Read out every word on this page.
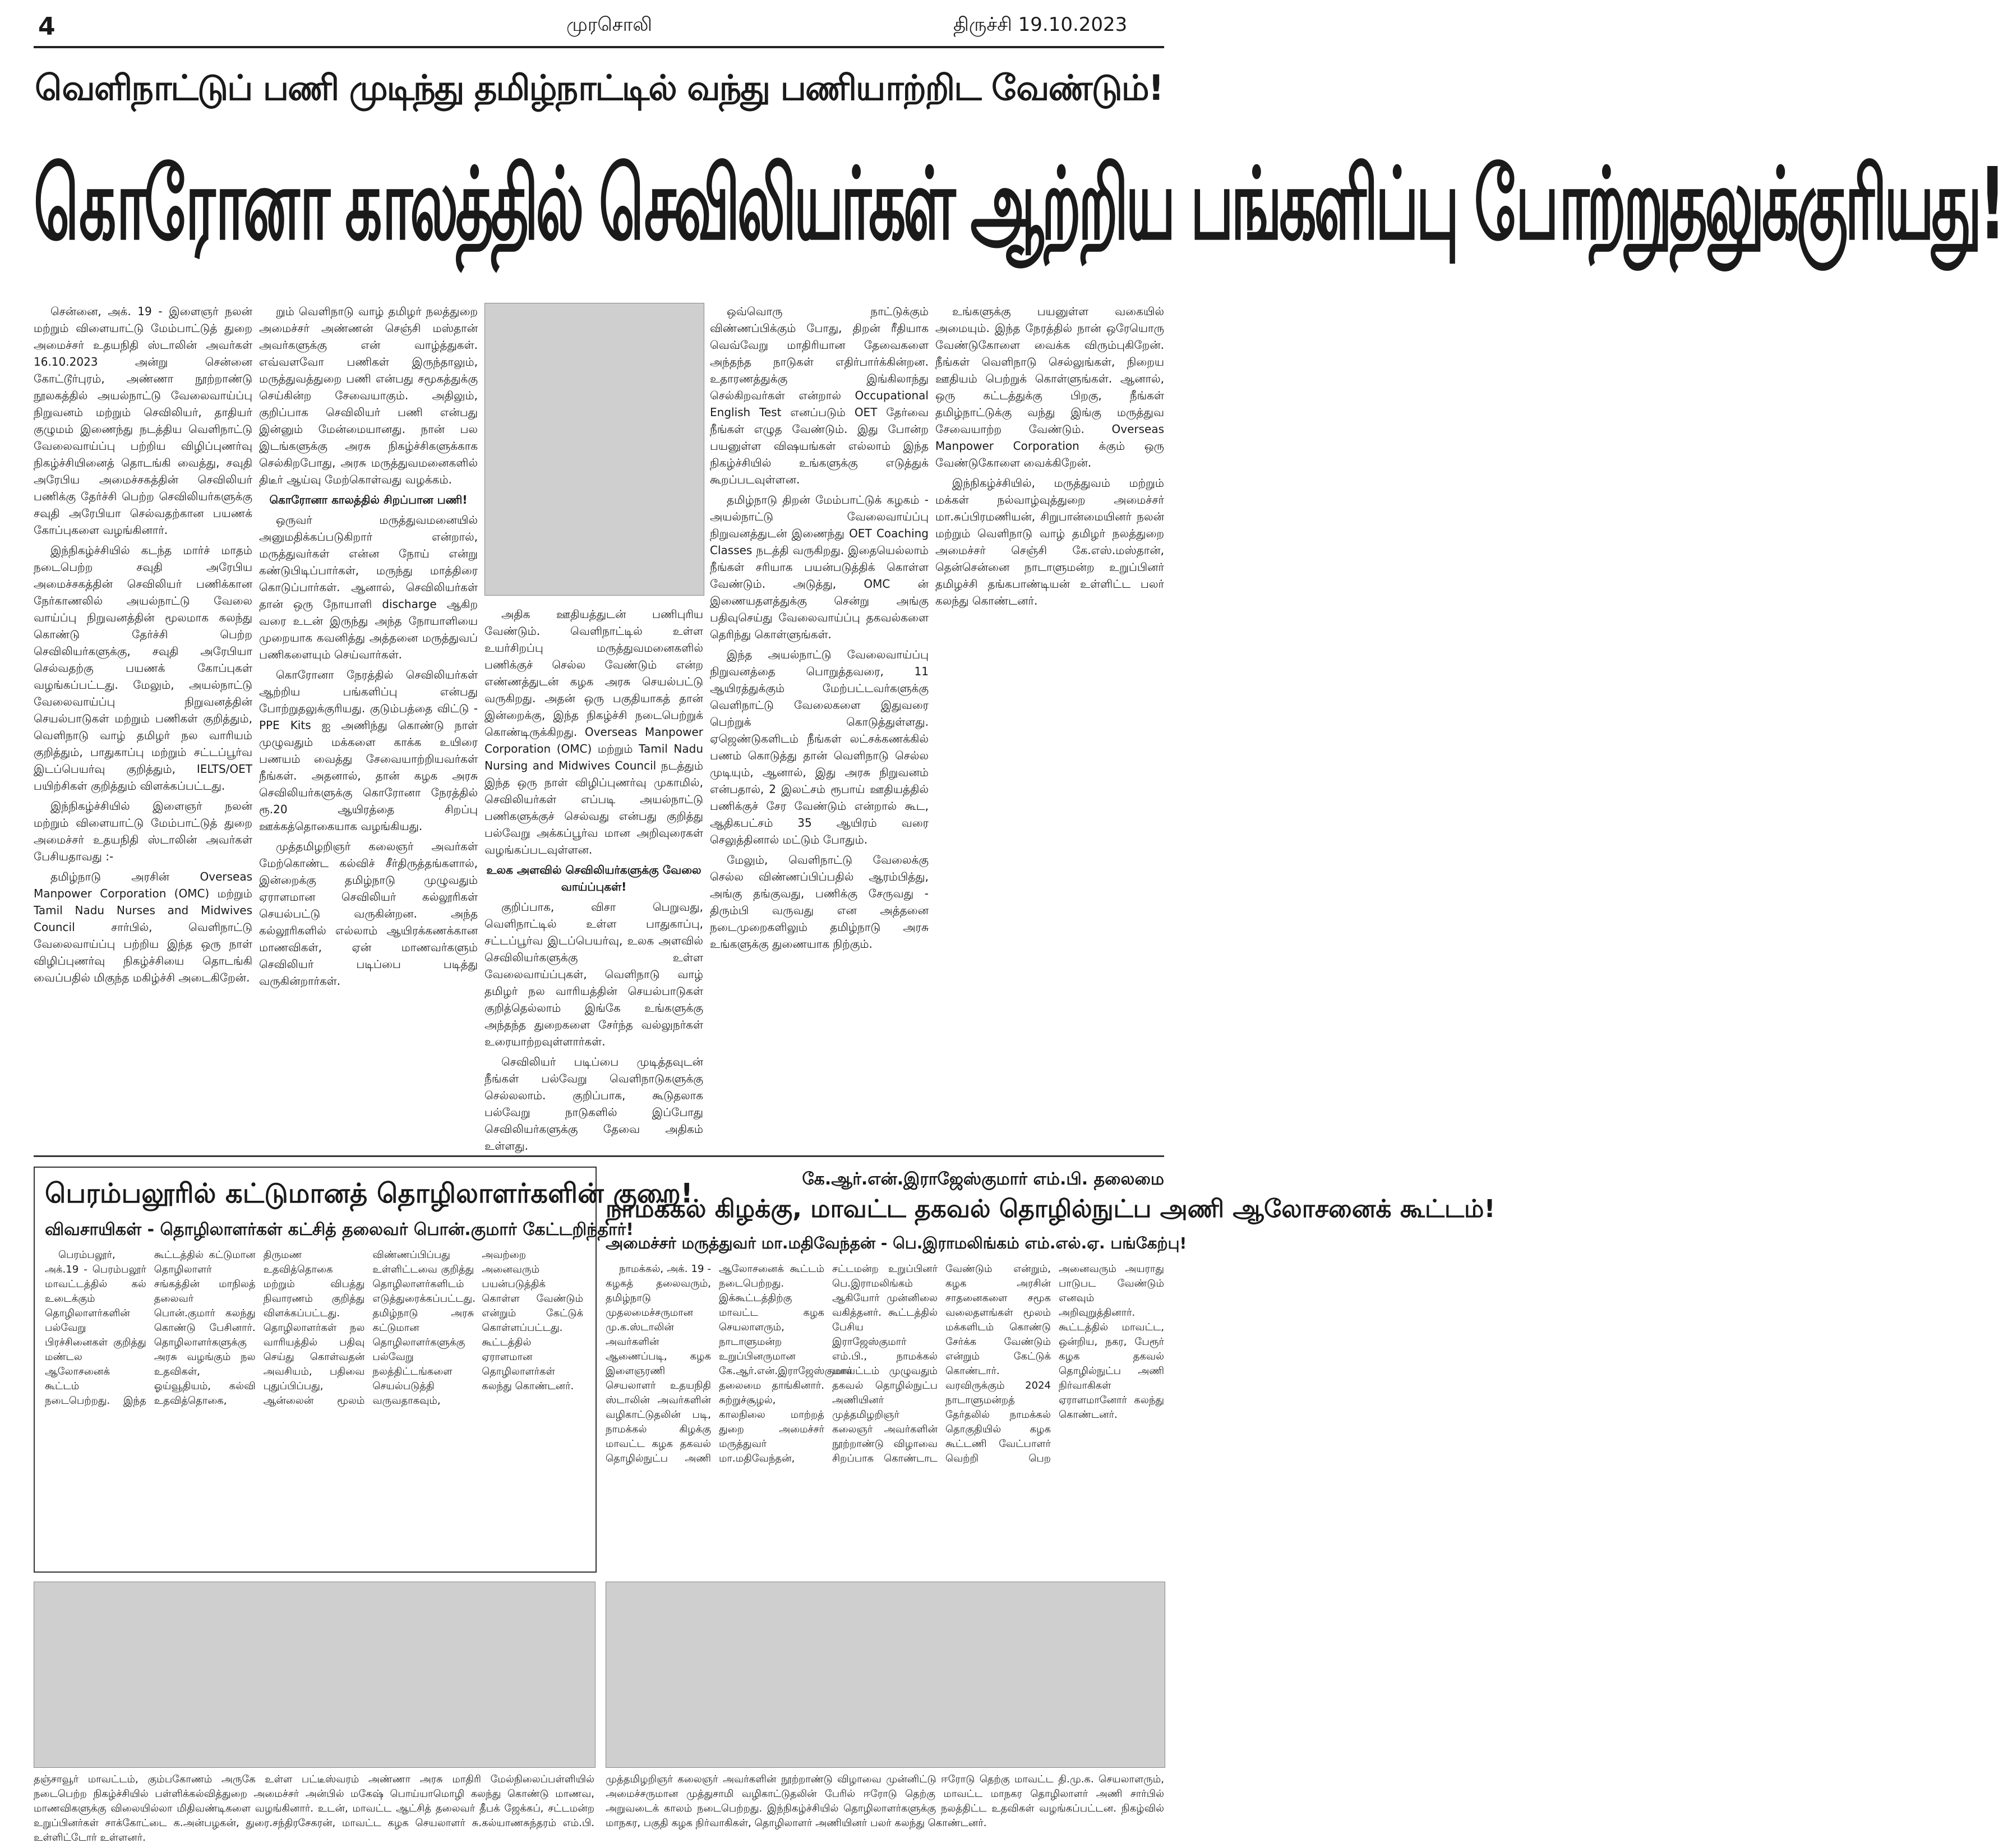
4	முரசொலி	திருச்சி 19.10.2023
வெளிநாட்டுப் பணி முடிந்து தமிழ்நாட்டில் வந்து பணியாற்றிட வேண்டும்!
கொரோனா காலத்தில் செவிலியர்கள் ஆற்றிய பங்களிப்பு போற்றுதலுக்குரியது!

சென்னை, அக். 19 - இளைஞர் நலன் மற்றும் விளையாட்டு மேம்பாட்டுத் துறை அமைச்சர் உதயநிதி ஸ்டாலின் அவர்கள் 16.10.2023 அன்று சென்னை கோட்டூர்புரம், அண்ணா நூற்றாண்டு நூலகத்தில் அயல்நாட்டு வேலைவாய்ப்பு நிறுவனம் மற்றும் செவிலியர், தாதியர் குழுமம் இணைந்து நடத்திய வெளிநாட்டு வேலைவாய்ப்பு பற்றிய விழிப்புணர்வு நிகழ்ச்சியினைத் தொடங்கி வைத்து, சவுதி அரேபிய அமைச்சகத்தின் செவிலியர் பணிக்கு தேர்ச்சி பெற்ற செவிலியர்களுக்கு சவுதி அரேபியா செல்வதற்கான பயணக் கோப்புகளை வழங்கினார்.

இந்நிகழ்ச்சியில் கடந்த மார்ச் மாதம் நடைபெற்ற சவுதி அரேபிய அமைச்சகத்தின் செவிலியர் பணிக்கான நேர்காணலில் அயல்நாட்டு வேலை வாய்ப்பு நிறுவனத்தின் மூலமாக கலந்து கொண்டு தேர்ச்சி பெற்ற செவிலியர்களுக்கு, சவுதி அரேபியா செல்வதற்கு பயணக் கோப்புகள் வழங்கப்பட்டது. மேலும், அயல்நாட்டு வேலைவாய்ப்பு நிறுவனத்தின் செயல்பாடுகள் மற்றும் பணிகள் குறித்தும், வெளிநாடு வாழ் தமிழர் நல வாரியம் குறித்தும், பாதுகாப்பு மற்றும் சட்டப்பூர்வ இடப்பெயர்வு குறித்தும், IELTS/OET பயிற்சிகள் குறித்தும் விளக்கப்பட்டது.

இந்நிகழ்ச்சியில் இளைஞர் நலன் மற்றும் விளையாட்டு மேம்பாட்டுத் துறை அமைச்சர் உதயநிதி ஸ்டாலின் அவர்கள் பேசியதாவது :-

தமிழ்நாடு அரசின் Overseas Manpower Corporation (OMC) மற்றும் Tamil Nadu Nurses and Midwives Council சார்பில், வெளிநாட்டு வேலைவாய்ப்பு பற்றிய இந்த ஒரு நாள் விழிப்புணர்வு நிகழ்ச்சியை தொடங்கி வைப்பதில் மிகுந்த மகிழ்ச்சி அடைகிறேன்.

றும் வெளிநாடு வாழ் தமிழர் நலத்துறை அமைச்சர் அண்ணன் செஞ்சி மஸ்தான் அவர்களுக்கு என் வாழ்த்துகள். எவ்வளவோ பணிகள் இருந்தாலும், மருத்துவத்துறை பணி என்பது சமூகத்துக்கு செய்கின்ற சேவையாகும். அதிலும், குறிப்பாக செவிலியர் பணி என்பது இன்னும் மேன்மையானது. நான் பல இடங்களுக்கு அரசு நிகழ்ச்சிகளுக்காக செல்கிறபோது, அரசு மருத்துவமனைகளில் திடீர் ஆய்வு மேற்கொள்வது வழக்கம்.

கொரோனா காலத்தில் சிறப்பான பணி!

ஒருவர் மருத்துவமனையில் அனுமதிக்கப்படுகிறார் என்றால், மருத்துவர்கள் என்ன நோய் என்று கண்டுபிடிப்பார்கள், மருந்து மாத்திரை கொடுப்பார்கள். ஆனால், செவிலியர்கள் தான் ஒரு நோயாளி discharge ஆகிற வரை உடன் இருந்து அந்த நோயாளியை முறையாக கவனித்து அத்தனை மருத்துவப் பணிகளையும் செய்வார்கள்.

கொரோனா நேரத்தில் செவிலியர்கள் ஆற்றிய பங்களிப்பு என்பது போற்றுதலுக்குரியது. குடும்பத்தை விட்டு - PPE Kits ஐ அணிந்து கொண்டு நாள் முழுவதும் மக்களை காக்க உயிரை பணயம் வைத்து சேவையாற்றியவர்கள் நீங்கள். அதனால், தான் கழக அரசு செவிலியர்களுக்கு கொரோனா நேரத்தில் ரூ.20 ஆயிரத்தை சிறப்பு ஊக்கத்தொகையாக வழங்கியது.

முத்தமிழறிஞர் கலைஞர் அவர்கள் மேற்கொண்ட கல்விச் சீர்திருத்தங்களால், இன்றைக்கு தமிழ்நாடு முழுவதும் ஏராளமான செவிலியர் கல்லூரிகள் செயல்பட்டு வருகின்றன. அந்த கல்லூரிகளில் எல்லாம் ஆயிரக்கணக்கான மாணவிகள், ஏன் மாணவர்களும் செவிலியர் படிப்பை படித்து வருகின்றார்கள்.

அதிக ஊதியத்துடன் பணிபுரிய வேண்டும். வெளிநாட்டில் உள்ள உயர்சிறப்பு மருத்துவமனைகளில் பணிக்குச் செல்ல வேண்டும் என்ற எண்ணத்துடன் கழக அரசு செயல்பட்டு வருகிறது. அதன் ஒரு பகுதியாகத் தான் இன்றைக்கு, இந்த நிகழ்ச்சி நடைபெற்றுக் கொண்டிருக்கிறது. Overseas Manpower Corporation (OMC) மற்றும் Tamil Nadu Nursing and Midwives Council நடத்தும் இந்த ஒரு நாள் விழிப்புணர்வு முகாமில், செவிலியர்கள் எப்படி அயல்நாட்டு பணிகளுக்குச் செல்வது என்பது குறித்து பல்வேறு அக்கப்பூர்வ மான அறிவுரைகள் வழங்கப்படவுள்ளன.

உலக அளவில் செவிலியர்களுக்கு வேலை வாய்ப்புகள்!

குறிப்பாக, விசா பெறுவது, வெளிநாட்டில் உள்ள பாதுகாப்பு, சட்டப்பூர்வ இடப்பெயர்வு, உலக அளவில் செவிலியர்களுக்கு உள்ள வேலைவாய்ப்புகள், வெளிநாடு வாழ் தமிழர் நல வாரியத்தின் செயல்பாடுகள் குறித்தெல்லாம் இங்கே உங்களுக்கு அந்தந்த துறைகளை சேர்ந்த வல்லுநர்கள் உரையாற்றவுள்ளார்கள்.

செவிலியர் படிப்பை முடித்தவுடன் நீங்கள் பல்வேறு வெளிநாடுகளுக்கு செல்லலாம். குறிப்பாக, கூடுதலாக பல்வேறு நாடுகளில் இப்போது செவிலியர்களுக்கு தேவை அதிகம் உள்ளது.

ஒவ்வொரு நாட்டுக்கும் விண்ணப்பிக்கும் போது, திறன் ரீதியாக வெவ்வேறு மாதிரியான தேவைகளை அந்தந்த நாடுகள் எதிர்பார்க்கின்றன. உதாரணத்துக்கு இங்கிலாந்து செல்கிறவர்கள் என்றால் Occupational English Test எனப்படும் OET தேர்வை நீங்கள் எழுத வேண்டும். இது போன்ற பயனுள்ள விஷயங்கள் எல்லாம் இந்த நிகழ்ச்சியில் உங்களுக்கு எடுத்துக் கூறப்படவுள்ளன.

தமிழ்நாடு திறன் மேம்பாட்டுக் கழகம் - அயல்நாட்டு வேலைவாய்ப்பு நிறுவனத்துடன் இணைந்து OET Coaching Classes நடத்தி வருகிறது. இதையெல்லாம் நீங்கள் சரியாக பயன்படுத்திக் கொள்ள வேண்டும். அடுத்து, OMC ன் இணையதளத்துக்கு சென்று அங்கு பதிவுசெய்து வேலைவாய்ப்பு தகவல்களை தெரிந்து கொள்ளுங்கள்.

இந்த அயல்நாட்டு வேலைவாய்ப்பு நிறுவனத்தை பொறுத்தவரை, 11 ஆயிரத்துக்கும் மேற்பட்டவர்களுக்கு வெளிநாட்டு வேலைகளை இதுவரை பெற்றுக் கொடுத்துள்ளது. ஏஜெண்டுகளிடம் நீங்கள் லட்சக்கணக்கில் பணம் கொடுத்து தான் வெளிநாடு செல்ல முடியும், ஆனால், இது அரசு நிறுவனம் என்பதால், 2 இலட்சம் ரூபாய் ஊதியத்தில் பணிக்குச் சேர வேண்டும் என்றால் கூட, ஆதிகபட்சம் 35 ஆயிரம் வரை செலுத்தினால் மட்டும் போதும்.

மேலும், வெளிநாட்டு வேலைக்கு செல்ல விண்ணப்பிப்பதில் ஆரம்பித்து, அங்கு தங்குவது, பணிக்கு சேருவது - திரும்பி வருவது என அத்தனை நடைமுறைகளிலும் தமிழ்நாடு அரசு உங்களுக்கு துணையாக நிற்கும்.

உங்களுக்கு பயனுள்ள வகையில் அமையும். இந்த நேரத்தில் நான் ஒரேயொரு வேண்டுகோளை வைக்க விரும்புகிறேன். நீங்கள் வெளிநாடு செல்லுங்கள், நிறைய ஊதியம் பெற்றுக் கொள்ளுங்கள். ஆனால், ஒரு கட்டத்துக்கு பிறகு, நீங்கள் தமிழ்நாட்டுக்கு வந்து இங்கு மருத்துவ சேவையாற்ற வேண்டும். Overseas Manpower Corporation க்கும் ஒரு வேண்டுகோளை வைக்கிறேன்.

இந்நிகழ்ச்சியில், மருத்துவம் மற்றும் மக்கள் நல்வாழ்வுத்துறை அமைச்சர் மா.சுப்பிரமணியன், சிறுபான்மையினர் நலன் மற்றும் வெளிநாடு வாழ் தமிழர் நலத்துறை அமைச்சர் செஞ்சி கே.எஸ்.மஸ்தான், தென்சென்னை நாடாளுமன்ற உறுப்பினர் தமிழச்சி தங்கபாண்டியன் உள்ளிட்ட பலர் கலந்து கொண்டனர்.

பெரம்பலூரில் கட்டுமானத் தொழிலாளர்களின் குறை!
விவசாயிகள் - தொழிலாளர்கள் கட்சித் தலைவர் பொன்.குமார் கேட்டறிந்தார்!

பெரம்பலூர், அக்.19 - பெரம்பலூர் மாவட்டத்தில் கல் உடைக்கும் தொழிலாளர்களின் பல்வேறு பிரச்சினைகள் குறித்து மண்டல ஆலோசனைக் கூட்டம் நடைபெற்றது. இந்த கூட்டத்தில் கட்டுமான தொழிலாளர் சங்கத்தின் மாநிலத் தலைவர் பொன்.குமார் கலந்து கொண்டு பேசினார். தொழிலாளர்களுக்கு அரசு வழங்கும் நல உதவிகள், ஓய்வூதியம், கல்வி உதவித்தொகை, திருமண உதவித்தொகை மற்றும் விபத்து நிவாரணம் குறித்து விளக்கப்பட்டது. தொழிலாளர்கள் நல வாரியத்தில் பதிவு செய்து கொள்வதன் அவசியம், பதிவை புதுப்பிப்பது, ஆன்லைன் மூலம் விண்ணப்பிப்பது உள்ளிட்டவை குறித்து தொழிலாளர்களிடம் எடுத்துரைக்கப்பட்டது. தமிழ்நாடு அரசு கட்டுமான தொழிலாளர்களுக்கு பல்வேறு நலத்திட்டங்களை செயல்படுத்தி வருவதாகவும், அவற்றை அனைவரும் பயன்படுத்திக் கொள்ள வேண்டும் என்றும் கேட்டுக் கொள்ளப்பட்டது. கூட்டத்தில் ஏராளமான தொழிலாளர்கள் கலந்து கொண்டனர்.

கே.ஆர்.என்.இராஜேஸ்குமார் எம்.பி. தலைமை
நாமக்கல் கிழக்கு, மாவட்ட தகவல் தொழில்நுட்ப அணி ஆலோசனைக் கூட்டம்!
அமைச்சர் மருத்துவர் மா.மதிவேந்தன் - பெ.இராமலிங்கம் எம்.எல்.ஏ. பங்கேற்பு!

நாமக்கல், அக். 19 - கழகத் தலைவரும், தமிழ்நாடு முதலமைச்சருமான மு.க.ஸ்டாலின் அவர்களின் ஆணைப்படி, கழக இளைஞரணி செயலாளர் உதயநிதி ஸ்டாலின் அவர்களின் வழிகாட்டுதலின் படி, நாமக்கல் கிழக்கு மாவட்ட கழக தகவல் தொழில்நுட்ப அணி ஆலோசனைக் கூட்டம் நடைபெற்றது. இக்கூட்டத்திற்கு மாவட்ட கழக செயலாளரும், நாடாளுமன்ற உறுப்பினருமான கே.ஆர்.என்.இராஜேஸ்குமார் தலைமை தாங்கினார். சுற்றுச்சூழல், காலநிலை மாற்றத் துறை அமைச்சர் மருத்துவர் மா.மதிவேந்தன், சட்டமன்ற உறுப்பினர் பெ.இராமலிங்கம் ஆகியோர் முன்னிலை வகித்தனர். கூட்டத்தில் பேசிய இராஜேஸ்குமார் எம்.பி., நாமக்கல் மாவட்டம் முழுவதும் தகவல் தொழில்நுட்ப அணியினர் முத்தமிழறிஞர் கலைஞர் அவர்களின் நூற்றாண்டு விழாவை சிறப்பாக கொண்டாட வேண்டும் என்றும், கழக அரசின் சாதனைகளை சமூக வலைதளங்கள் மூலம் மக்களிடம் கொண்டு சேர்க்க வேண்டும் என்றும் கேட்டுக் கொண்டார். வரவிருக்கும் 2024 நாடாளுமன்றத் தேர்தலில் நாமக்கல் தொகுதியில் கழக கூட்டணி வேட்பாளர் வெற்றி பெற அனைவரும் அயராது பாடுபட வேண்டும் எனவும் அறிவுறுத்தினார். கூட்டத்தில் மாவட்ட, ஒன்றிய, நகர, பேரூர் கழக தகவல் தொழில்நுட்ப அணி நிர்வாகிகள் ஏராளமானோர் கலந்து கொண்டனர்.

தஞ்சாவூர் மாவட்டம், கும்பகோணம் அருகே உள்ள பட்டீஸ்வரம் அண்ணா அரசு மாதிரி மேல்நிலைப்பள்ளியில் நடைபெற்ற நிகழ்ச்சியில் பள்ளிக்கல்வித்துறை அமைச்சர் அன்பில் மகேஷ் பொய்யாமொழி கலந்து கொண்டு மாணவ, மாணவிகளுக்கு விலையில்லா மிதிவண்டிகளை வழங்கினார். உடன், மாவட்ட ஆட்சித் தலைவர் தீபக் ஜேக்கப், சட்டமன்ற உறுப்பினர்கள் சாக்கோட்டை க.அன்பழகன், துரை.சந்திரசேகரன், மாவட்ட கழக செயலாளர் சு.கல்யாணசுந்தரம் எம்.பி. உள்ளிட்டோர் உள்ளனர்.
முத்தமிழறிஞர் கலைஞர் அவர்களின் நூற்றாண்டு விழாவை முன்னிட்டு ஈரோடு தெற்கு மாவட்ட தி.மு.க. செயலாளரும், அமைச்சருமான முத்துசாமி வழிகாட்டுதலின் பேரில் ஈரோடு தெற்கு மாவட்ட மாநகர தொழிலாளர் அணி சார்பில் அறுவடைக் காலம் நடைபெற்றது. இந்நிகழ்ச்சியில் தொழிலாளர்களுக்கு நலத்திட்ட உதவிகள் வழங்கப்பட்டன. நிகழ்வில் மாநகர, பகுதி கழக நிர்வாகிகள், தொழிலாளர் அணியினர் பலர் கலந்து கொண்டனர்.
